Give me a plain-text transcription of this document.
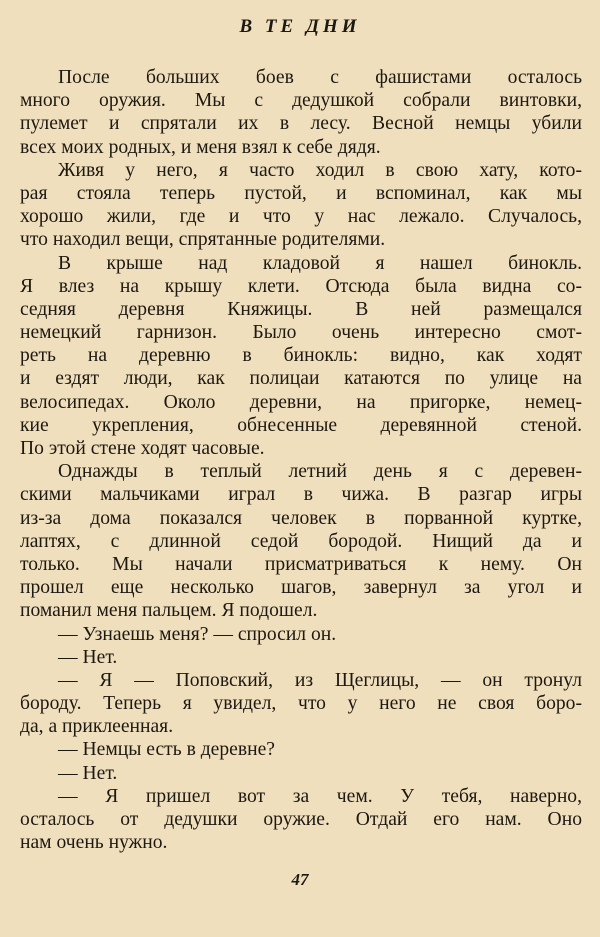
В ТЕ ДНИ
После больших боев с фашистами осталось
много оружия. Мы с дедушкой собрали винтовки,
пулемет и спрятали их в лесу. Весной немцы убили
всех моих родных, и меня взял к себе дядя.
Живя у него, я часто ходил в свою хату, кото-
рая стояла теперь пустой, и вспоминал, как мы
хорошо жили, где и что у нас лежало. Случалось,
что находил вещи, спрятанные родителями.
В крыше над кладовой я нашел бинокль.
Я влез на крышу клети. Отсюда была видна со-
седняя деревня Княжицы. В ней размещался
немецкий гарнизон. Было очень интересно смот-
реть на деревню в бинокль: видно, как ходят
и ездят люди, как полицаи катаются по улице на
велосипедах. Около деревни, на пригорке, немец-
кие укрепления, обнесенные деревянной стеной.
По этой стене ходят часовые.
Однажды в теплый летний день я с деревен-
скими мальчиками играл в чижа. В разгар игры
из-за дома показался человек в порванной куртке,
лаптях, с длинной седой бородой. Нищий да и
только. Мы начали присматриваться к нему. Он
прошел еще несколько шагов, завернул за угол и
поманил меня пальцем. Я подошел.
— Узнаешь меня? — спросил он.
— Нет.
— Я — Поповский, из Щеглицы, — он тронул
бороду. Теперь я увидел, что у него не своя боро-
да, а приклеенная.
— Немцы есть в деревне?
— Нет.
— Я пришел вот за чем. У тебя, наверно,
осталось от дедушки оружие. Отдай его нам. Оно
нам очень нужно.
47
